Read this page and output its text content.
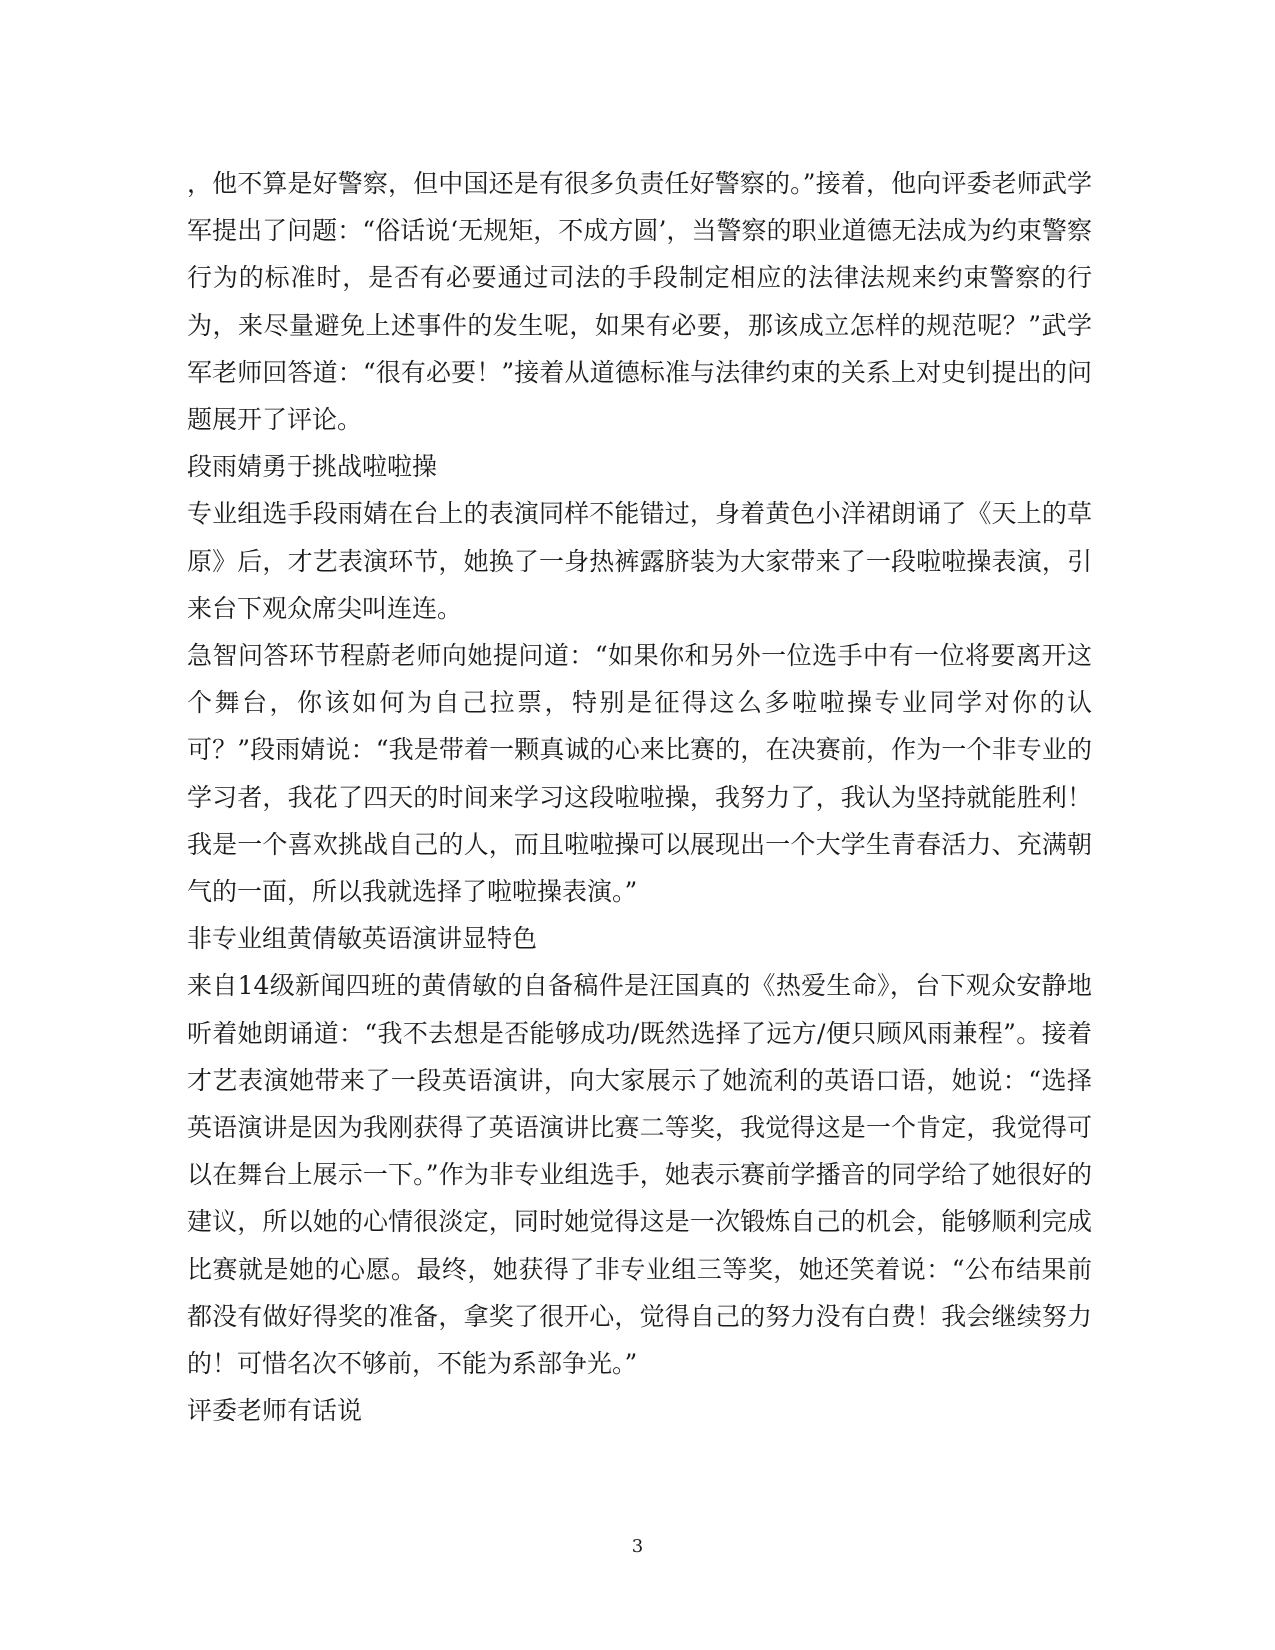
，他不算是好警察，但中国还是有很多负责任好警察的。”接着，他向评委老师武学军提出了问题：“俗话说‘无规矩，不成方圆’，当警察的职业道德无法成为约束警察行为的标准时，是否有必要通过司法的手段制定相应的法律法规来约束警察的行为，来尽量避免上述事件的发生呢，如果有必要，那该成立怎样的规范呢？”武学军老师回答道：“很有必要！”接着从道德标准与法律约束的关系上对史钊提出的问题展开了评论。

段雨婧勇于挑战啦啦操

专业组选手段雨婧在台上的表演同样不能错过，身着黄色小洋裙朗诵了《天上的草原》后，才艺表演环节，她换了一身热裤露脐装为大家带来了一段啦啦操表演，引来台下观众席尖叫连连。

急智问答环节程蔚老师向她提问道：“如果你和另外一位选手中有一位将要离开这个舞台，你该如何为自己拉票，特别是征得这么多啦啦操专业同学对你的认可？”段雨婧说：“我是带着一颗真诚的心来比赛的，在决赛前，作为一个非专业的学习者，我花了四天的时间来学习这段啦啦操，我努力了，我认为坚持就能胜利！我是一个喜欢挑战自己的人，而且啦啦操可以展现出一个大学生青春活力、充满朝气的一面，所以我就选择了啦啦操表演。”

非专业组黄倩敏英语演讲显特色

来自14级新闻四班的黄倩敏的自备稿件是汪国真的《热爱生命》，台下观众安静地听着她朗诵道：“我不去想是否能够成功/既然选择了远方/便只顾风雨兼程”。接着才艺表演她带来了一段英语演讲，向大家展示了她流利的英语口语，她说：“选择英语演讲是因为我刚获得了英语演讲比赛二等奖，我觉得这是一个肯定，我觉得可以在舞台上展示一下。”作为非专业组选手，她表示赛前学播音的同学给了她很好的建议，所以她的心情很淡定，同时她觉得这是一次锻炼自己的机会，能够顺利完成比赛就是她的心愿。最终，她获得了非专业组三等奖，她还笑着说：“公布结果前都没有做好得奖的准备，拿奖了很开心，觉得自己的努力没有白费！我会继续努力的！可惜名次不够前，不能为系部争光。”

评委老师有话说

3
